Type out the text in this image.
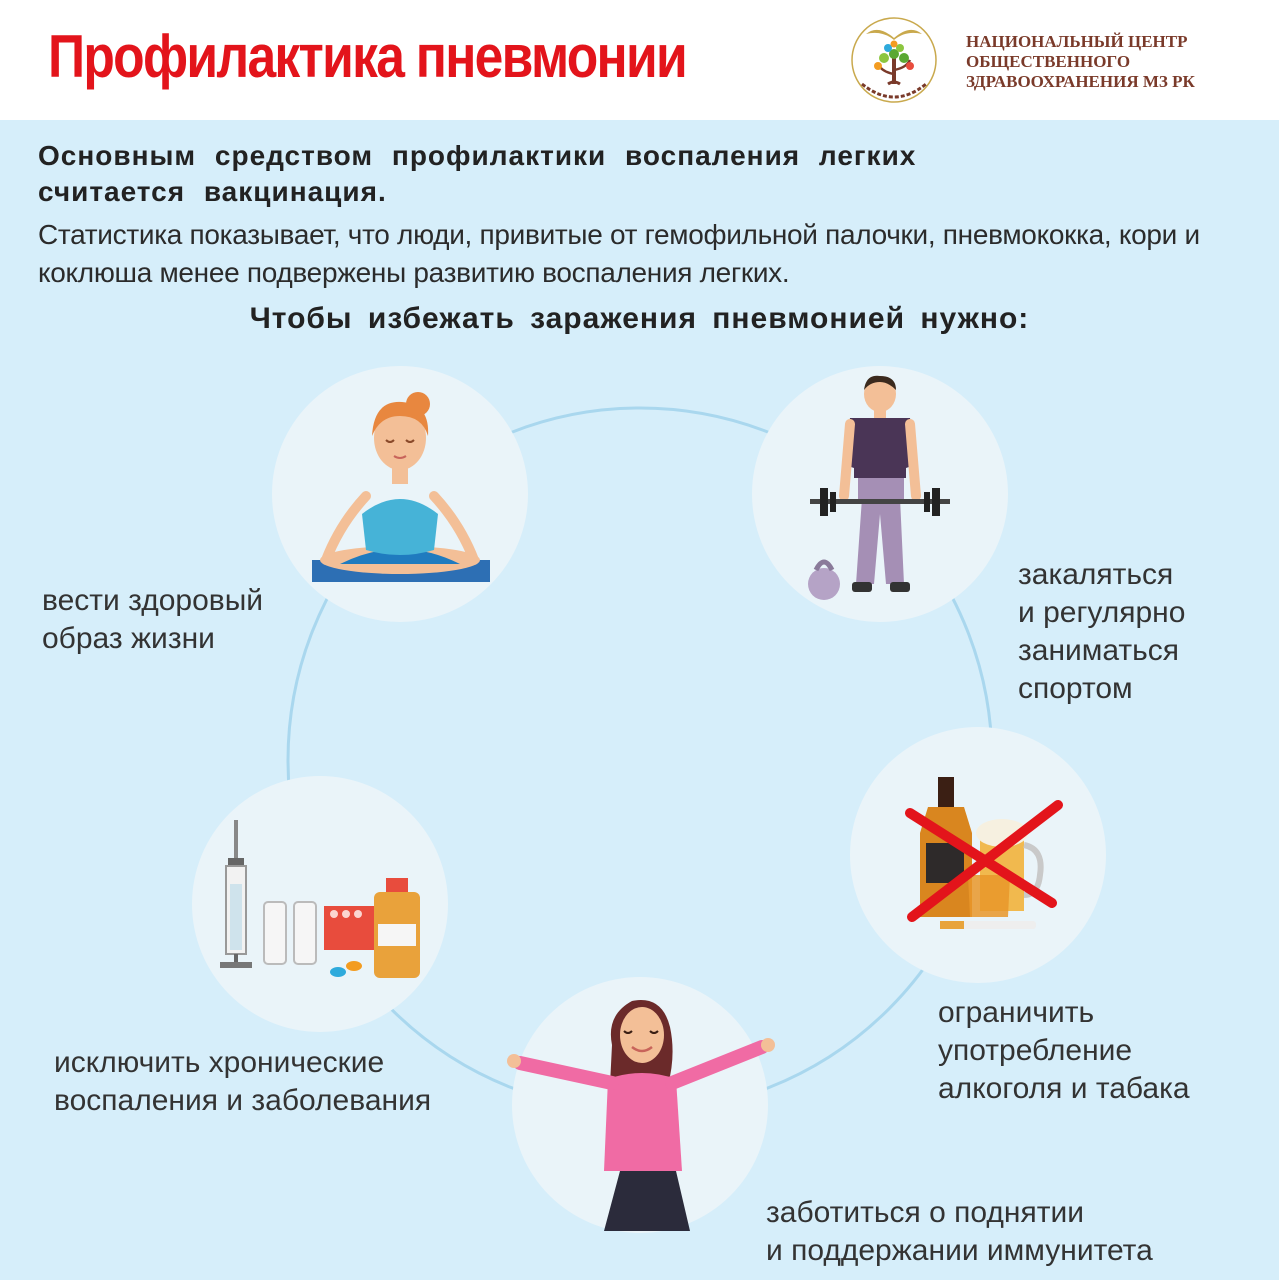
Профилактика пневмонии	НАЦИОНАЛЬНЫЙ ЦЕНТР
ОБЩЕСТВЕННОГО
ЗДРАВООХРАНЕНИЯ МЗ РК
Основным средством профилактики воспаления легких считается вакцинация.
Статистика показывает, что люди, привитые от гемофильной палочки, пневмококка, кори и коклюша менее подвержены развитию воспаления легких.
Чтобы избежать заражения пневмонией нужно:
вести здоровый
образ жизни
закаляться
и регулярно
заниматься
спортом
ограничить
употребление
алкоголя и табака
заботиться о поднятии
и поддержании иммунитета
исключить хронические
воспаления и заболевания
